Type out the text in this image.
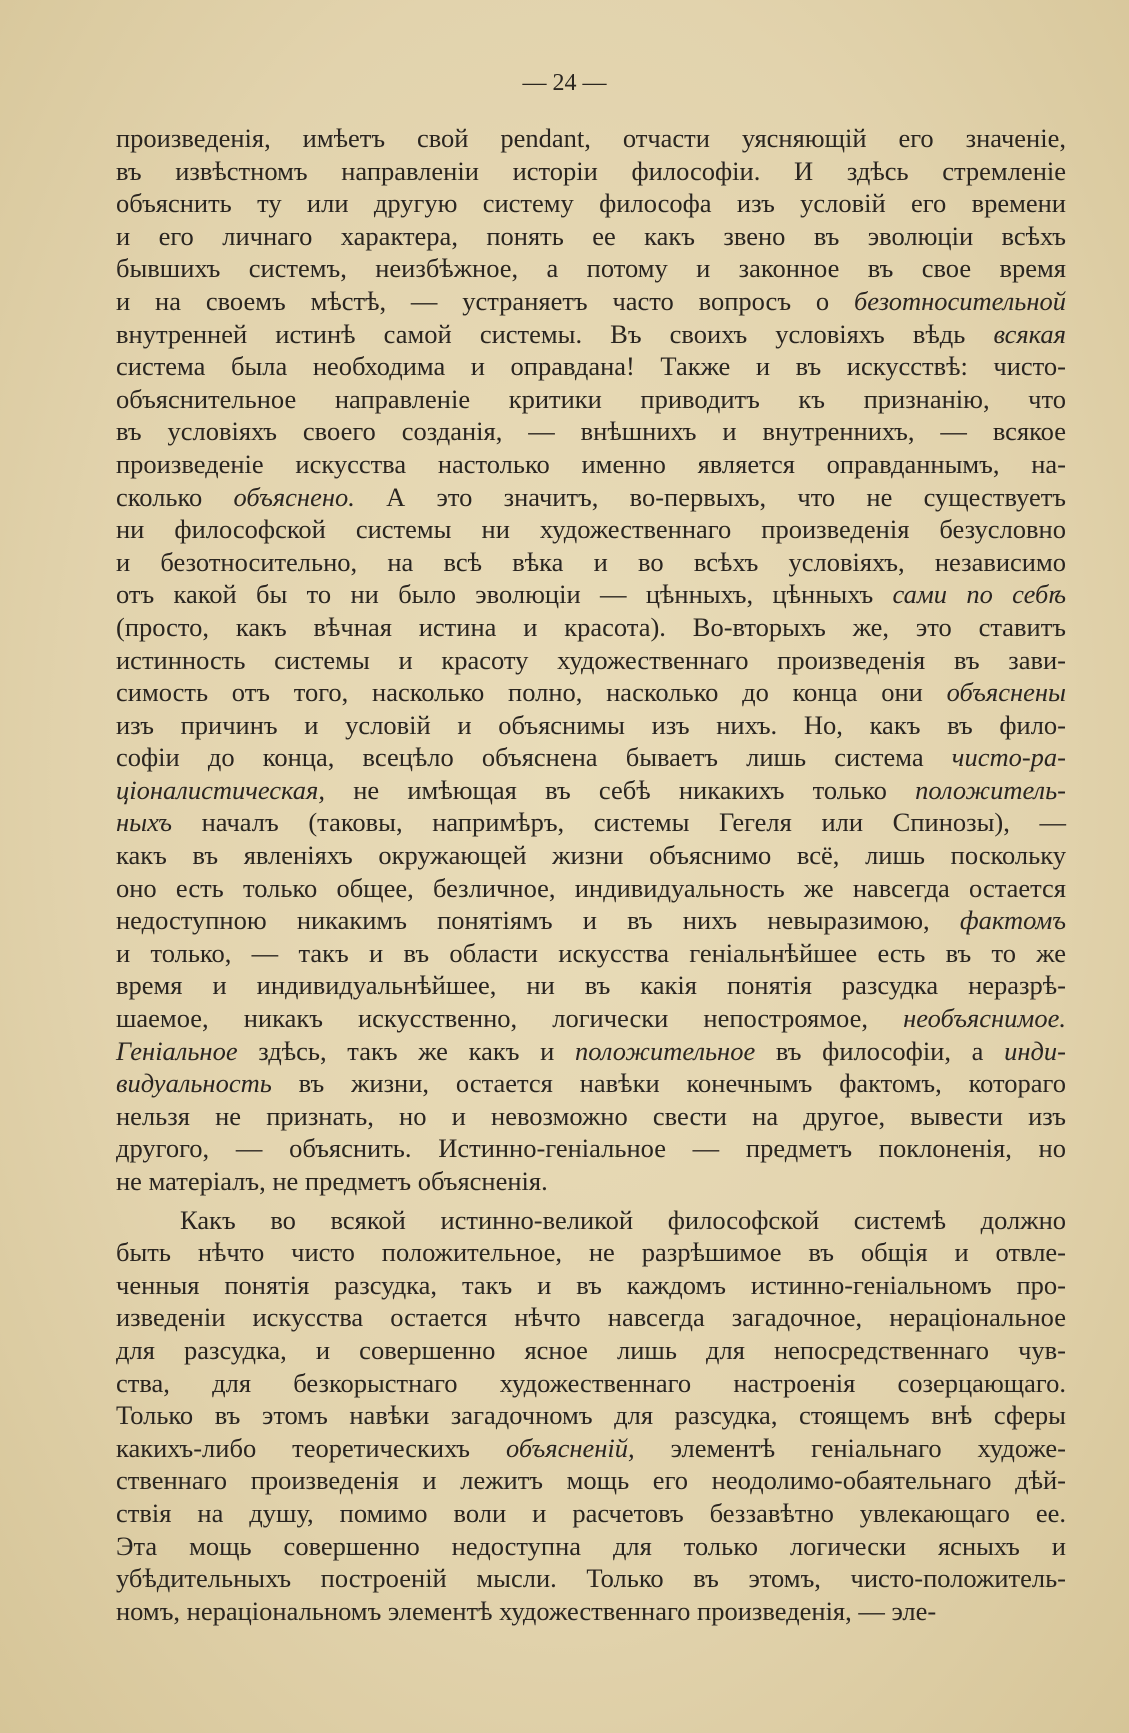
— 24 —
произведенія, имѣетъ свой pendant, отчасти уясняющій его значеніе,
въ извѣстномъ направленіи исторіи философіи. И здѣсь стремленіе
объяснить ту или другую систему философа изъ условій его времени
и его личнаго характера, понять ее какъ звено въ эволюціи всѣхъ
бывшихъ системъ, неизбѣжное, а потому и законное въ свое время
и на своемъ мѣстѣ, — устраняетъ часто вопросъ о безотносительной
внутренней истинѣ самой системы. Въ своихъ условіяхъ вѣдь всякая
система была необходима и оправдана! Также и въ искусствѣ: чисто-
объяснительное направленіе критики приводитъ къ признанію, что
въ условіяхъ своего созданія, — внѣшнихъ и внутреннихъ, — всякое
произведеніе искусства настолько именно является оправданнымъ, на-
сколько объяснено. А это значитъ, во-первыхъ, что не существуетъ
ни философской системы ни художественнаго произведенія безусловно
и безотносительно, на всѣ вѣка и во всѣхъ условіяхъ, независимо
отъ какой бы то ни было эволюціи — цѣнныхъ, цѣнныхъ сами по себѣ
(просто, какъ вѣчная истина и красота). Во-вторыхъ же, это ставитъ
истинность системы и красоту художественнаго произведенія въ зави-
симость отъ того, насколько полно, насколько до конца они объяснены
изъ причинъ и условій и объяснимы изъ нихъ. Но, какъ въ фило-
софіи до конца, всецѣло объяснена бываетъ лишь система чисто-ра-
ціоналистическая, не имѣющая въ себѣ никакихъ только положитель-
ныхъ началъ (таковы, напримѣръ, системы Гегеля или Спинозы), —
какъ въ явленіяхъ окружающей жизни объяснимо всё, лишь поскольку
оно есть только общее, безличное, индивидуальность же навсегда остается
недоступною никакимъ понятіямъ и въ нихъ невыразимою, фактомъ
и только, — такъ и въ области искусства геніальнѣйшее есть въ то же
время и индивидуальнѣйшее, ни въ какія понятія разсудка неразрѣ-
шаемое, никакъ искусственно, логически непостроямое, необъяснимое.
Геніальное здѣсь, такъ же какъ и положительное въ философіи, а инди-
видуальность въ жизни, остается навѣки конечнымъ фактомъ, котораго
нельзя не признать, но и невозможно свести на другое, вывести изъ
другого, — объяснить. Истинно-геніальное — предметъ поклоненія, но
не матеріалъ, не предметъ объясненія.
Какъ во всякой истинно-великой философской системѣ должно
быть нѣчто чисто положительное, не разрѣшимое въ общія и отвле-
ченныя понятія разсудка, такъ и въ каждомъ истинно-геніальномъ про-
изведеніи искусства остается нѣчто навсегда загадочное, нераціональное
для разсудка, и совершенно ясное лишь для непосредственнаго чув-
ства, для безкорыстнаго художественнаго настроенія созерцающаго.
Только въ этомъ навѣки загадочномъ для разсудка, стоящемъ внѣ сферы
какихъ-либо теоретическихъ объясненій, элементѣ геніальнаго художе-
ственнаго произведенія и лежитъ мощь его неодолимо-обаятельнаго дѣй-
ствія на душу, помимо воли и расчетовъ беззавѣтно увлекающаго ее.
Эта мощь совершенно недоступна для только логически ясныхъ и
убѣдительныхъ построеній мысли. Только въ этомъ, чисто-положитель-
номъ, нераціональномъ элементѣ художественнаго произведенія, — эле-
